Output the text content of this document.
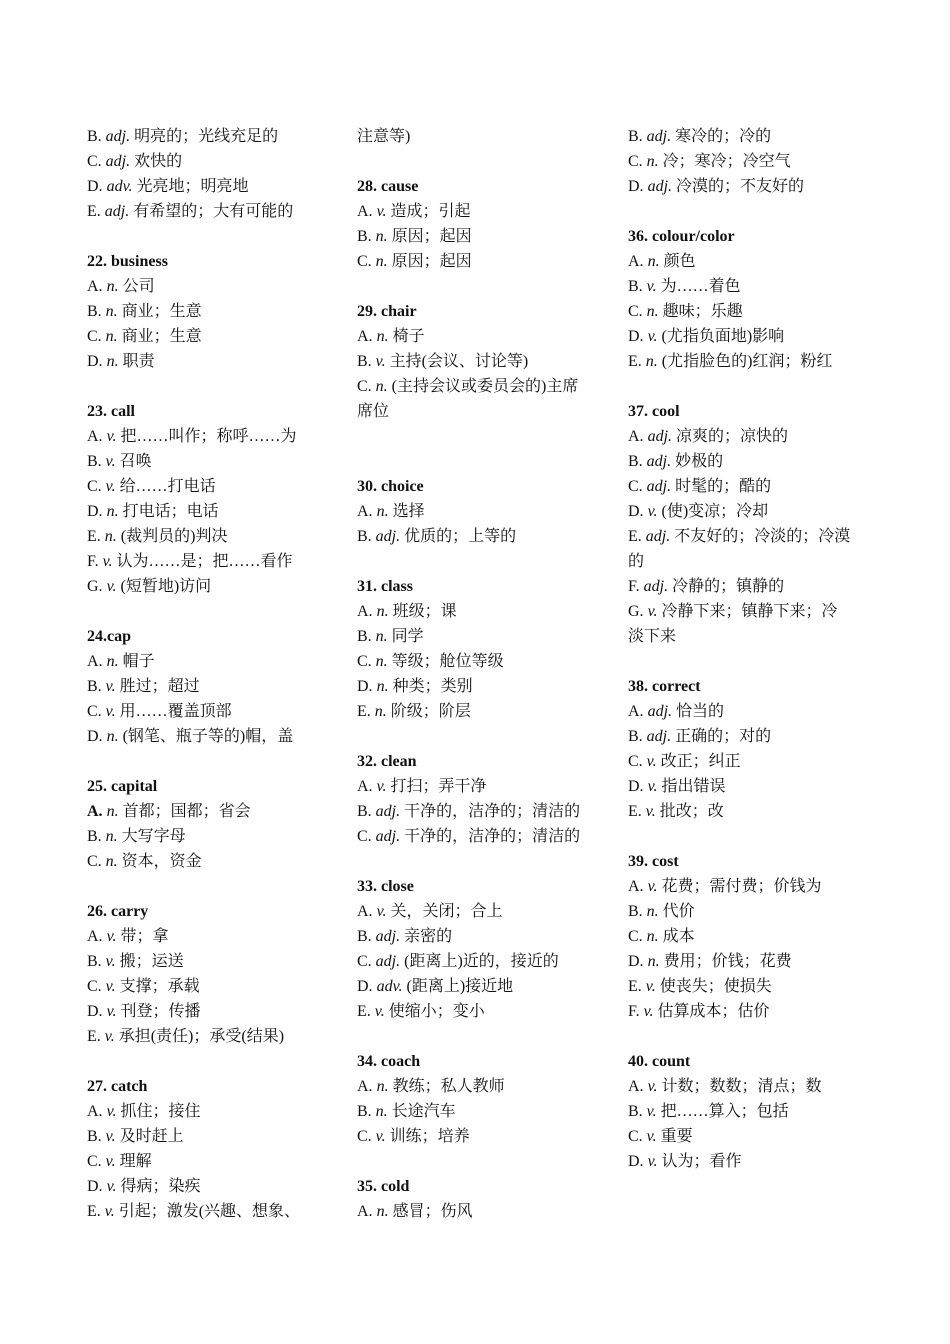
B. adj. 明亮的；光线充足的
C. adj. 欢快的
D. adv. 光亮地；明亮地
E. adj. 有希望的；大有可能的
22. business
A. n. 公司
B. n. 商业；生意
C. n. 商业；生意
D. n. 职责
23. call
A. v. 把……叫作；称呼……为
B. v. 召唤
C. v. 给……打电话
D. n. 打电话；电话
E. n. (裁判员的)判决
F. v. 认为……是；把……看作
G. v. (短暂地)访问
24.cap
A. n. 帽子
B. v. 胜过；超过
C. v. 用……覆盖顶部
D. n. (钢笔、瓶子等的)帽，盖
25. capital
A. n. 首都；国都；省会
B. n. 大写字母
C. n. 资本，资金
26. carry
A. v. 带；拿
B. v. 搬；运送
C. v. 支撑；承载
D. v. 刊登；传播
E. v. 承担(责任)；承受(结果)
27. catch
A. v. 抓住；接住
B. v. 及时赶上
C. v. 理解
D. v. 得病；染疾
E. v. 引起；激发(兴趣、想象、
注意等)
28. cause
A. v. 造成；引起
B. n. 原因；起因
C. n. 原因；起因
29. chair
A. n. 椅子
B. v. 主持(会议、讨论等)
C. n. (主持会议或委员会的)主席
席位
30. choice
A. n. 选择
B. adj. 优质的；上等的
31. class
A. n. 班级；课
B. n. 同学
C. n. 等级；舱位等级
D. n. 种类；类别
E. n. 阶级；阶层
32. clean
A. v. 打扫；弄干净
B. adj. 干净的，洁净的；清洁的
C. adj. 干净的，洁净的；清洁的
33. close
A. v. 关，关闭；合上
B. adj. 亲密的
C. adj. (距离上)近的，接近的
D. adv. (距离上)接近地
E. v. 使缩小；变小
34. coach
A. n. 教练；私人教师
B. n. 长途汽车
C. v. 训练；培养
35. cold
A. n. 感冒；伤风
B. adj. 寒冷的；冷的
C. n. 冷；寒冷；冷空气
D. adj. 冷漠的；不友好的
36. colour/color
A. n. 颜色
B. v. 为……着色
C. n. 趣味；乐趣
D. v. (尤指负面地)影响
E. n. (尤指脸色的)红润；粉红
37. cool
A. adj. 凉爽的；凉快的
B. adj. 妙极的
C. adj. 时髦的；酷的
D. v. (使)变凉；冷却
E. adj. 不友好的；冷淡的；冷漠
的
F. adj. 冷静的；镇静的
G. v. 冷静下来；镇静下来；冷
淡下来
38. correct
A. adj. 恰当的
B. adj. 正确的；对的
C. v. 改正；纠正
D. v. 指出错误
E. v. 批改；改
39. cost
A. v. 花费；需付费；价钱为
B. n. 代价
C. n. 成本
D. n. 费用；价钱；花费
E. v. 使丧失；使损失
F. v. 估算成本；估价
40. count
A. v. 计数；数数；清点；数
B. v. 把……算入；包括
C. v. 重要
D. v. 认为；看作
